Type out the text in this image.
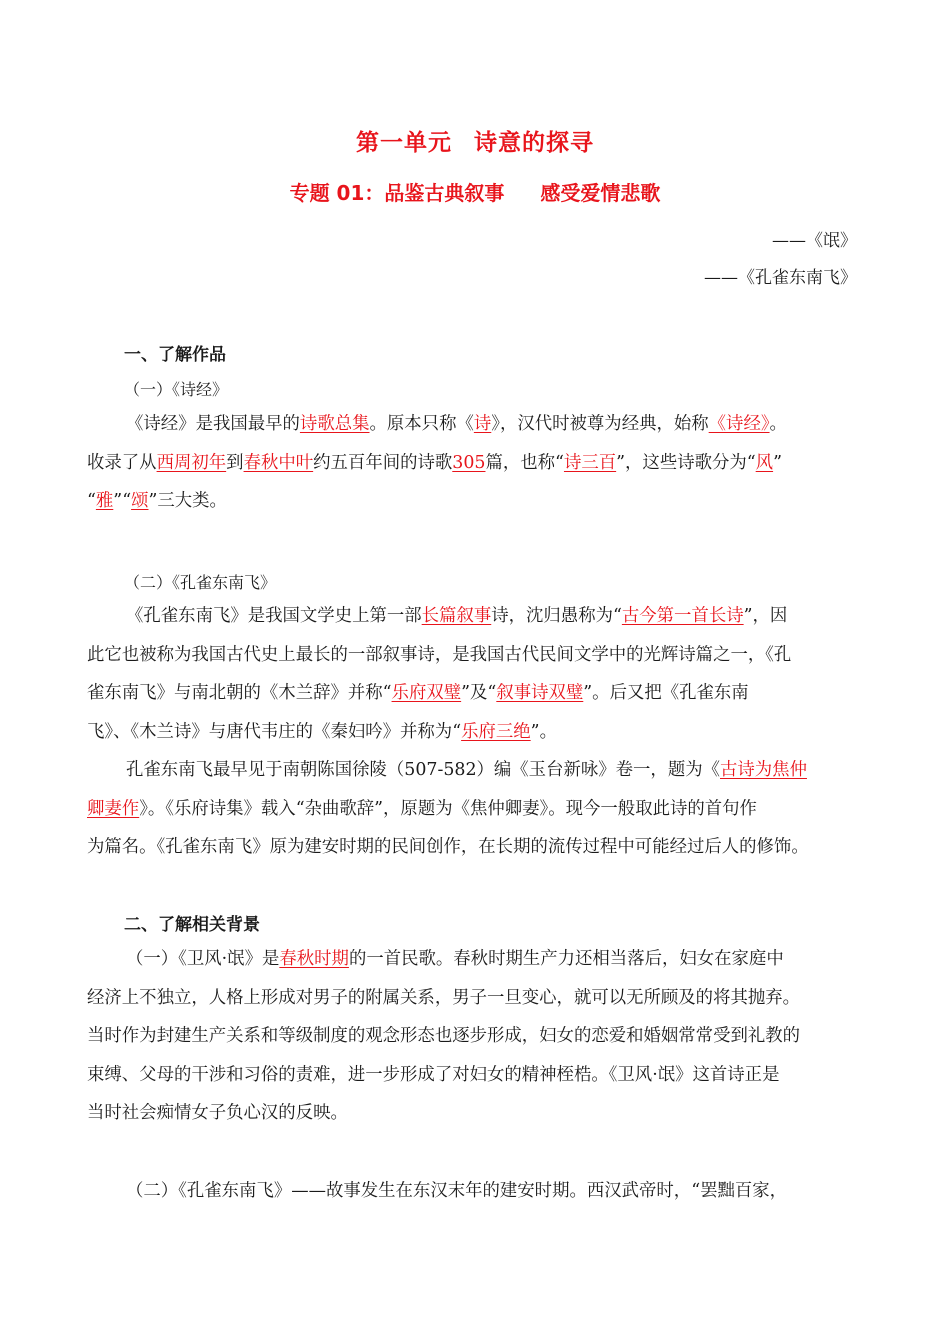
第一单元 诗意的探寻
专题 01：品鉴古典叙事 感受爱情悲歌
——《氓》
——《孔雀东南飞》
一、了解作品
（一）《诗经》
《诗经》是我国最早的诗歌总集。原本只称《诗》，汉代时被尊为经典，始称《诗经》。
收录了从西周初年到春秋中叶约五百年间的诗歌305篇，也称“诗三百”，这些诗歌分为“风”
“雅”“颂”三大类。
（二）《孔雀东南飞》
《孔雀东南飞》是我国文学史上第一部长篇叙事诗，沈归愚称为“古今第一首长诗”，因
此它也被称为我国古代史上最长的一部叙事诗，是我国古代民间文学中的光辉诗篇之一，《孔
雀东南飞》与南北朝的《木兰辞》并称“乐府双璧”及“叙事诗双璧”。后又把《孔雀东南
飞》、《木兰诗》与唐代韦庄的《秦妇吟》并称为“乐府三绝”。
孔雀东南飞最早见于南朝陈国徐陵（507-582）编《玉台新咏》卷一，题为《古诗为焦仲
卿妻作》。《乐府诗集》载入“杂曲歌辞”，原题为《焦仲卿妻》。现今一般取此诗的首句作
为篇名。《孔雀东南飞》原为建安时期的民间创作，在长期的流传过程中可能经过后人的修饰。
二、了解相关背景
（一）《卫风·氓》是春秋时期的一首民歌。春秋时期生产力还相当落后，妇女在家庭中
经济上不独立，人格上形成对男子的附属关系，男子一旦变心，就可以无所顾及的将其抛弃。
当时作为封建生产关系和等级制度的观念形态也逐步形成，妇女的恋爱和婚姻常常受到礼教的
束缚、父母的干涉和习俗的责难，进一步形成了对妇女的精神桎梏。《卫风·氓》这首诗正是
当时社会痴情女子负心汉的反映。
（二）《孔雀东南飞》——故事发生在东汉末年的建安时期。西汉武帝时，“罢黜百家，
